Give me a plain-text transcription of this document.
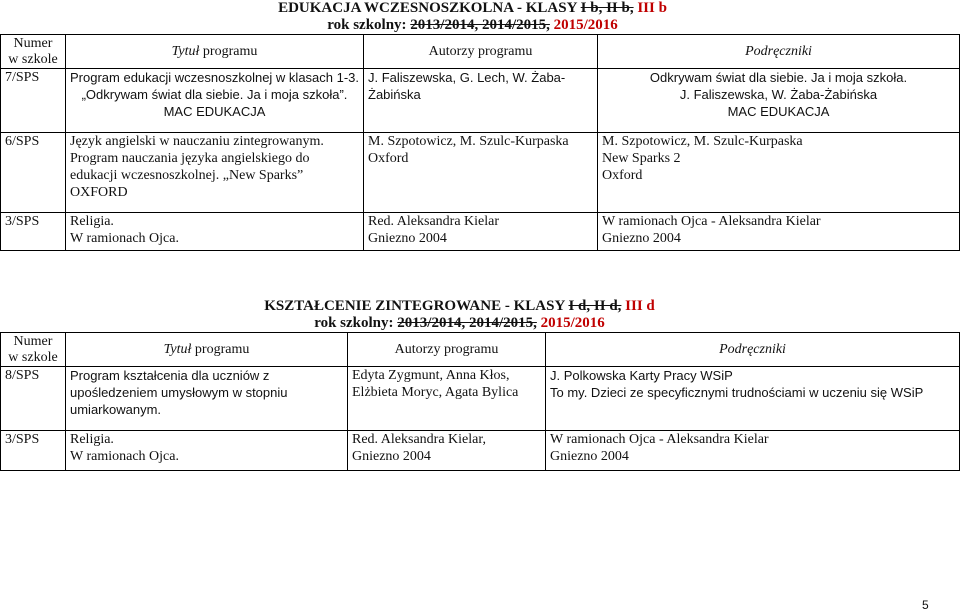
	EDUKACJA WCZESNOSZKOLNA - KLASY I b, II b, III b
rok szkolny: 2013/2014, 2014/2015, 2015/2016		

Numer
w szkole	Tytuł programu	Autorzy programu	Podręczniki
7/SPS	Program edukacji wczesnoszkolnej w klasach 1-3.
„Odkrywam świat dla siebie. Ja i moja szkoła”.
MAC EDUKACJA	J. Faliszewska, G. Lech, W. Żaba-
Żabińska	Odkrywam świat dla siebie. Ja i moja szkoła.
J. Faliszewska, W. Żaba-Żabińska
MAC EDUKACJA

6/SPS	Język angielski w nauczaniu zintegrowanym.
Program nauczania języka angielskiego do
edukacji wczesnoszkolnej. „New Sparks”
OXFORD	M. Szpotowicz, M. Szulc-Kurpaska
Oxford	M. Szpotowicz, M. Szulc-Kurpaska
New Sparks 2
Oxford

3/SPS	Religia.
W ramionach Ojca.	Red. Aleksandra Kielar
Gniezno 2004	W ramionach Ojca - Aleksandra Kielar
Gniezno 2004

	KSZTAŁCENIE ZINTEGROWANE - KLASY I d, II d, III d
rok szkolny: 2013/2014, 2014/2015, 2015/2016		

Numer
w szkole	Tytuł programu	Autorzy programu	Podręczniki
8/SPS	Program kształcenia dla uczniów z
upośledzeniem umysłowym w stopniu
umiarkowanym.	Edyta Zygmunt, Anna Kłos,
Elżbieta Moryc, Agata Bylica	J. Polkowska Karty Pracy WSiP
To my. Dzieci ze specyficznymi trudnościami w uczeniu się WSiP

3/SPS	Religia.
W ramionach Ojca.	Red. Aleksandra Kielar,
Gniezno 2004	W ramionach Ojca - Aleksandra Kielar
Gniezno 2004
5
